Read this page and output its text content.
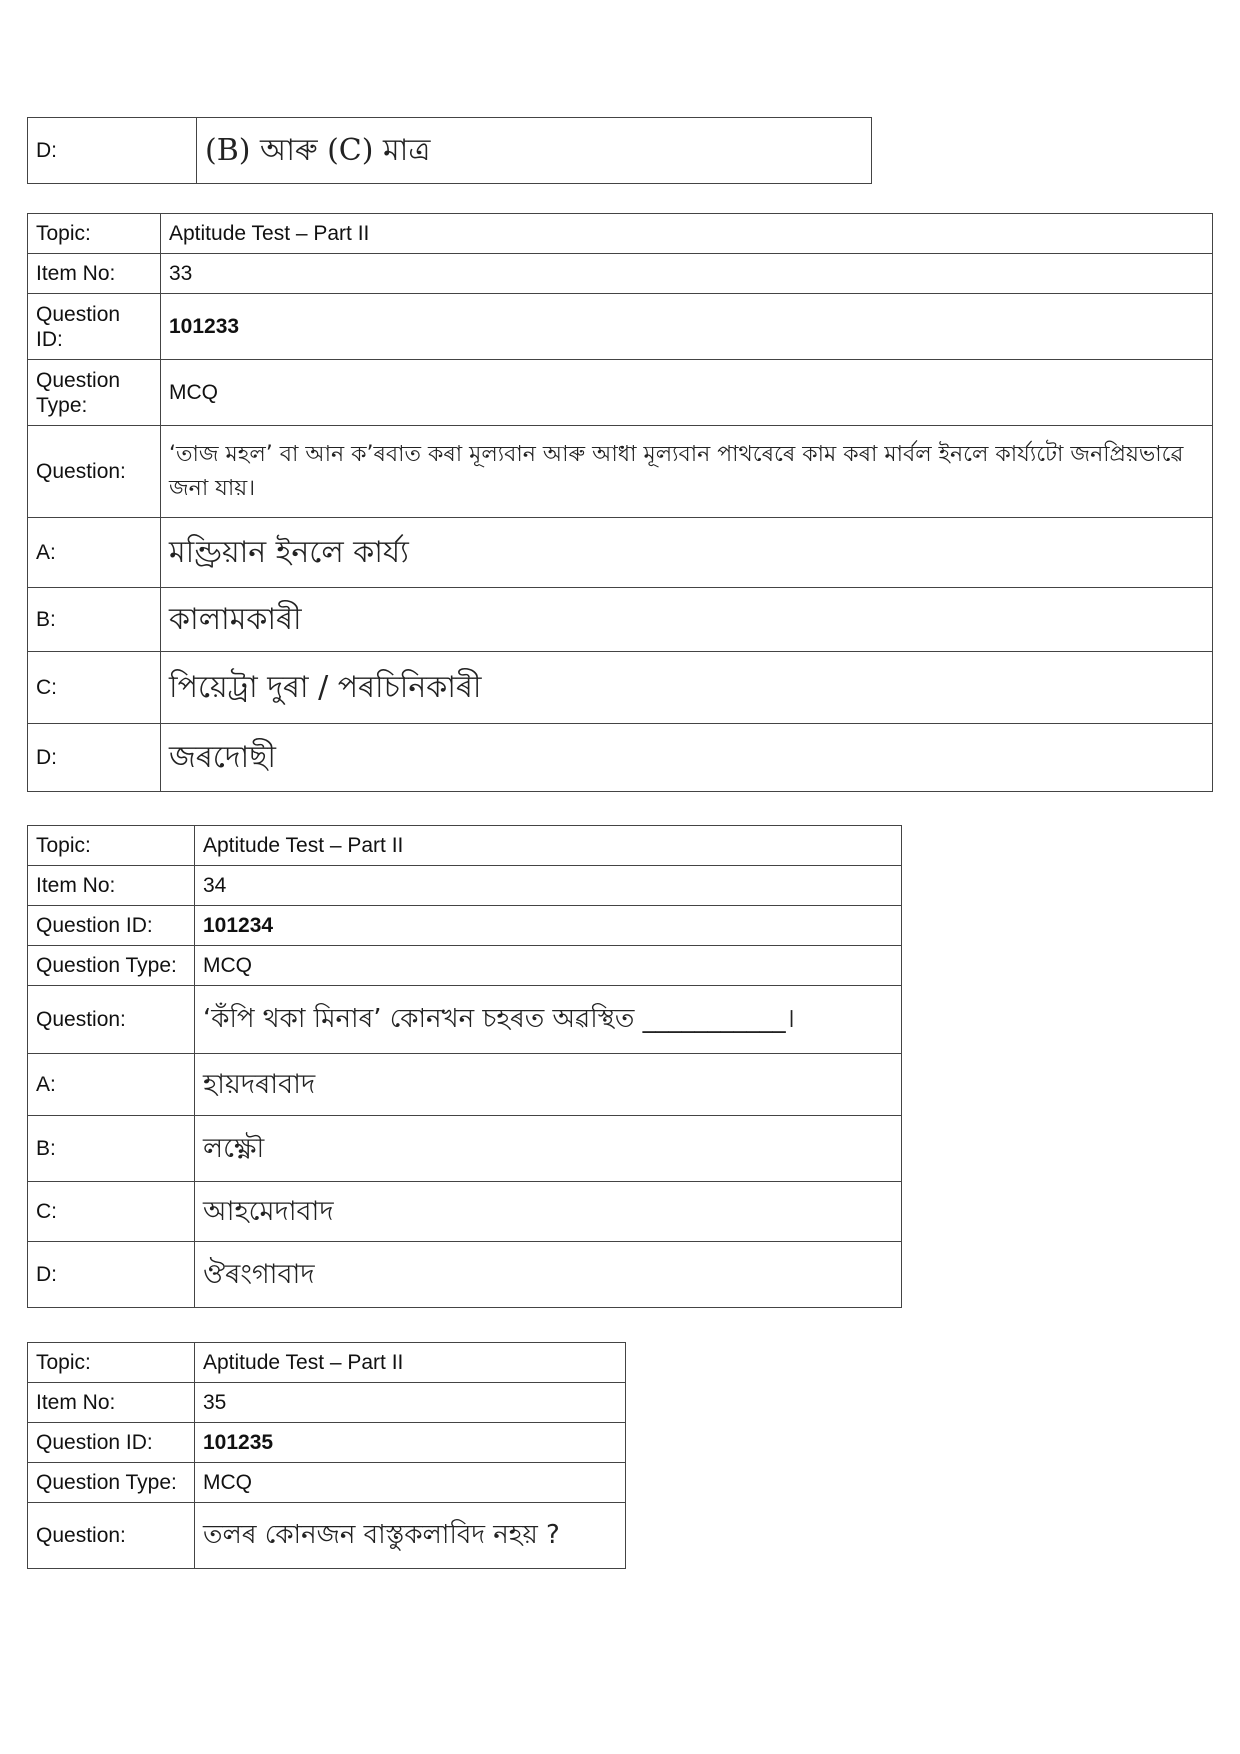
D:	(B) আৰু (C) মাত্ৰ
Topic:	Aptitude Test – Part II
Item No:	33
Question ID:	101233
Question Type:	MCQ
Question:	‘তাজ মহল’ বা আন ক’ৰবাত কৰা মূল্যবান আৰু আধা মূল্যবান পাথৰেৰে কাম কৰা মাৰ্বল ইনলে কাৰ্য্যটো জনপ্ৰিয়ভাৱে জনা যায়।
A:	মণ্ড্ৰিয়ান ইনলে কাৰ্য্য
B:	কালামকাৰী
C:	পিয়েট্ৰা দুৰা / পৰচিনিকাৰী
D:	জৰদোছী
Topic:	Aptitude Test – Part II
Item No:	34
Question ID:	101234
Question Type:	MCQ
Question:	‘কঁপি থকা মিনাৰ’ কোনখন চহৰত অৱস্থিত ___________।
A:	হায়দৰাবাদ
B:	লক্ষ্ণৌ
C:	আহমেদাবাদ
D:	ঔৰংগাবাদ
Topic:	Aptitude Test – Part II
Item No:	35
Question ID:	101235
Question Type:	MCQ
Question:	তলৰ কোনজন বাস্তুকলাবিদ নহয় ?
